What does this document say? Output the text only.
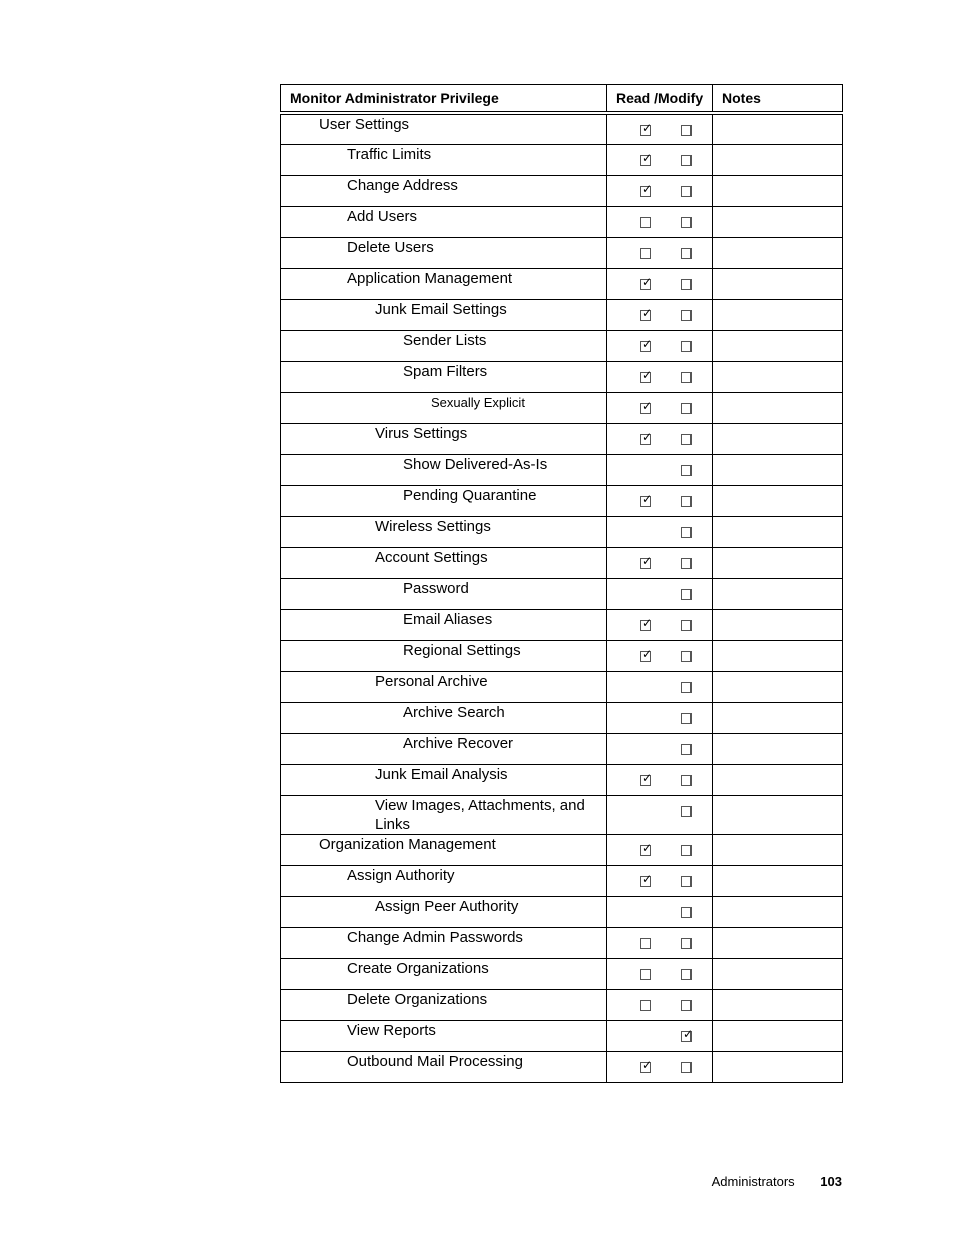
Monitor Administrator Privilege	Read /Modify	Notes
User Settings	✓	

Traffic Limits	✓	

Change Address	✓	

Add Users	

Delete Users	

Application Management	✓	

Junk Email Settings	✓	

Sender Lists	✓	

Spam Filters	✓	

Sexually Explicit	✓	

Virus Settings	✓	

Show Delivered-As-Is	

Pending Quarantine	✓	

Wireless Settings	

Account Settings	✓	

Password	

Email Aliases	✓	

Regional Settings	✓	

Personal Archive	

Archive Search	

Archive Recover	

Junk Email Analysis	✓	

View Images, Attachments, and Links	

Organization Management	✓	

Assign Authority	✓	

Assign Peer Authority	

Change Admin Passwords	

Create Organizations	

Delete Organizations	

View Reports	✓	

Outbound Mail Processing	✓	

Administrators 103
